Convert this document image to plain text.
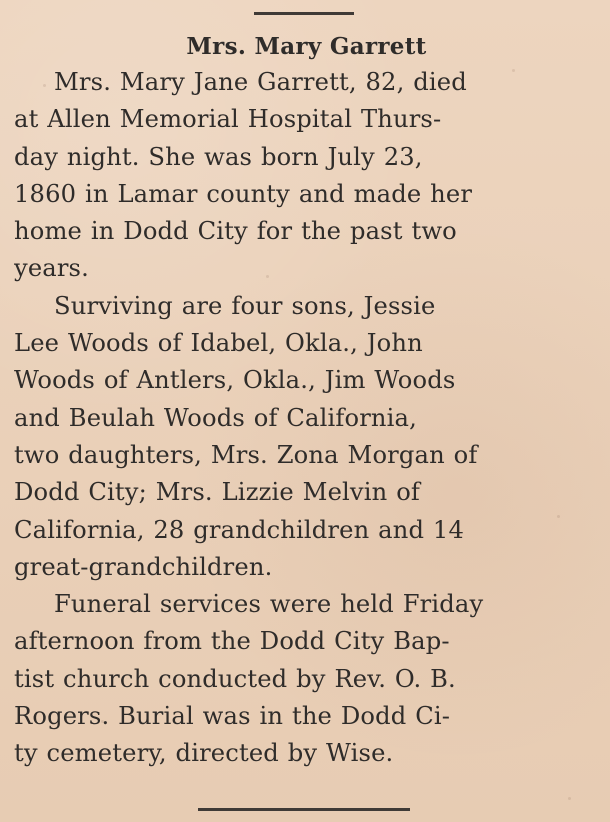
Mrs. Mary Garrett
Mrs. Mary Jane Garrett, 82, died
at Allen Memorial Hospital Thurs-
day night. She was born July 23,
1860 in Lamar county and made her
home in Dodd City for the past two
years.
Surviving are four sons, Jessie
Lee Woods of Idabel, Okla., John
Woods of Antlers, Okla., Jim Woods
and Beulah Woods of California,
two daughters, Mrs. Zona Morgan of
Dodd City; Mrs. Lizzie Melvin of
California, 28 grandchildren and 14
great-grandchildren.
Funeral services were held Friday
afternoon from the Dodd City Bap-
tist church conducted by Rev. O. B.
Rogers. Burial was in the Dodd Ci-
ty cemetery, directed by Wise.
